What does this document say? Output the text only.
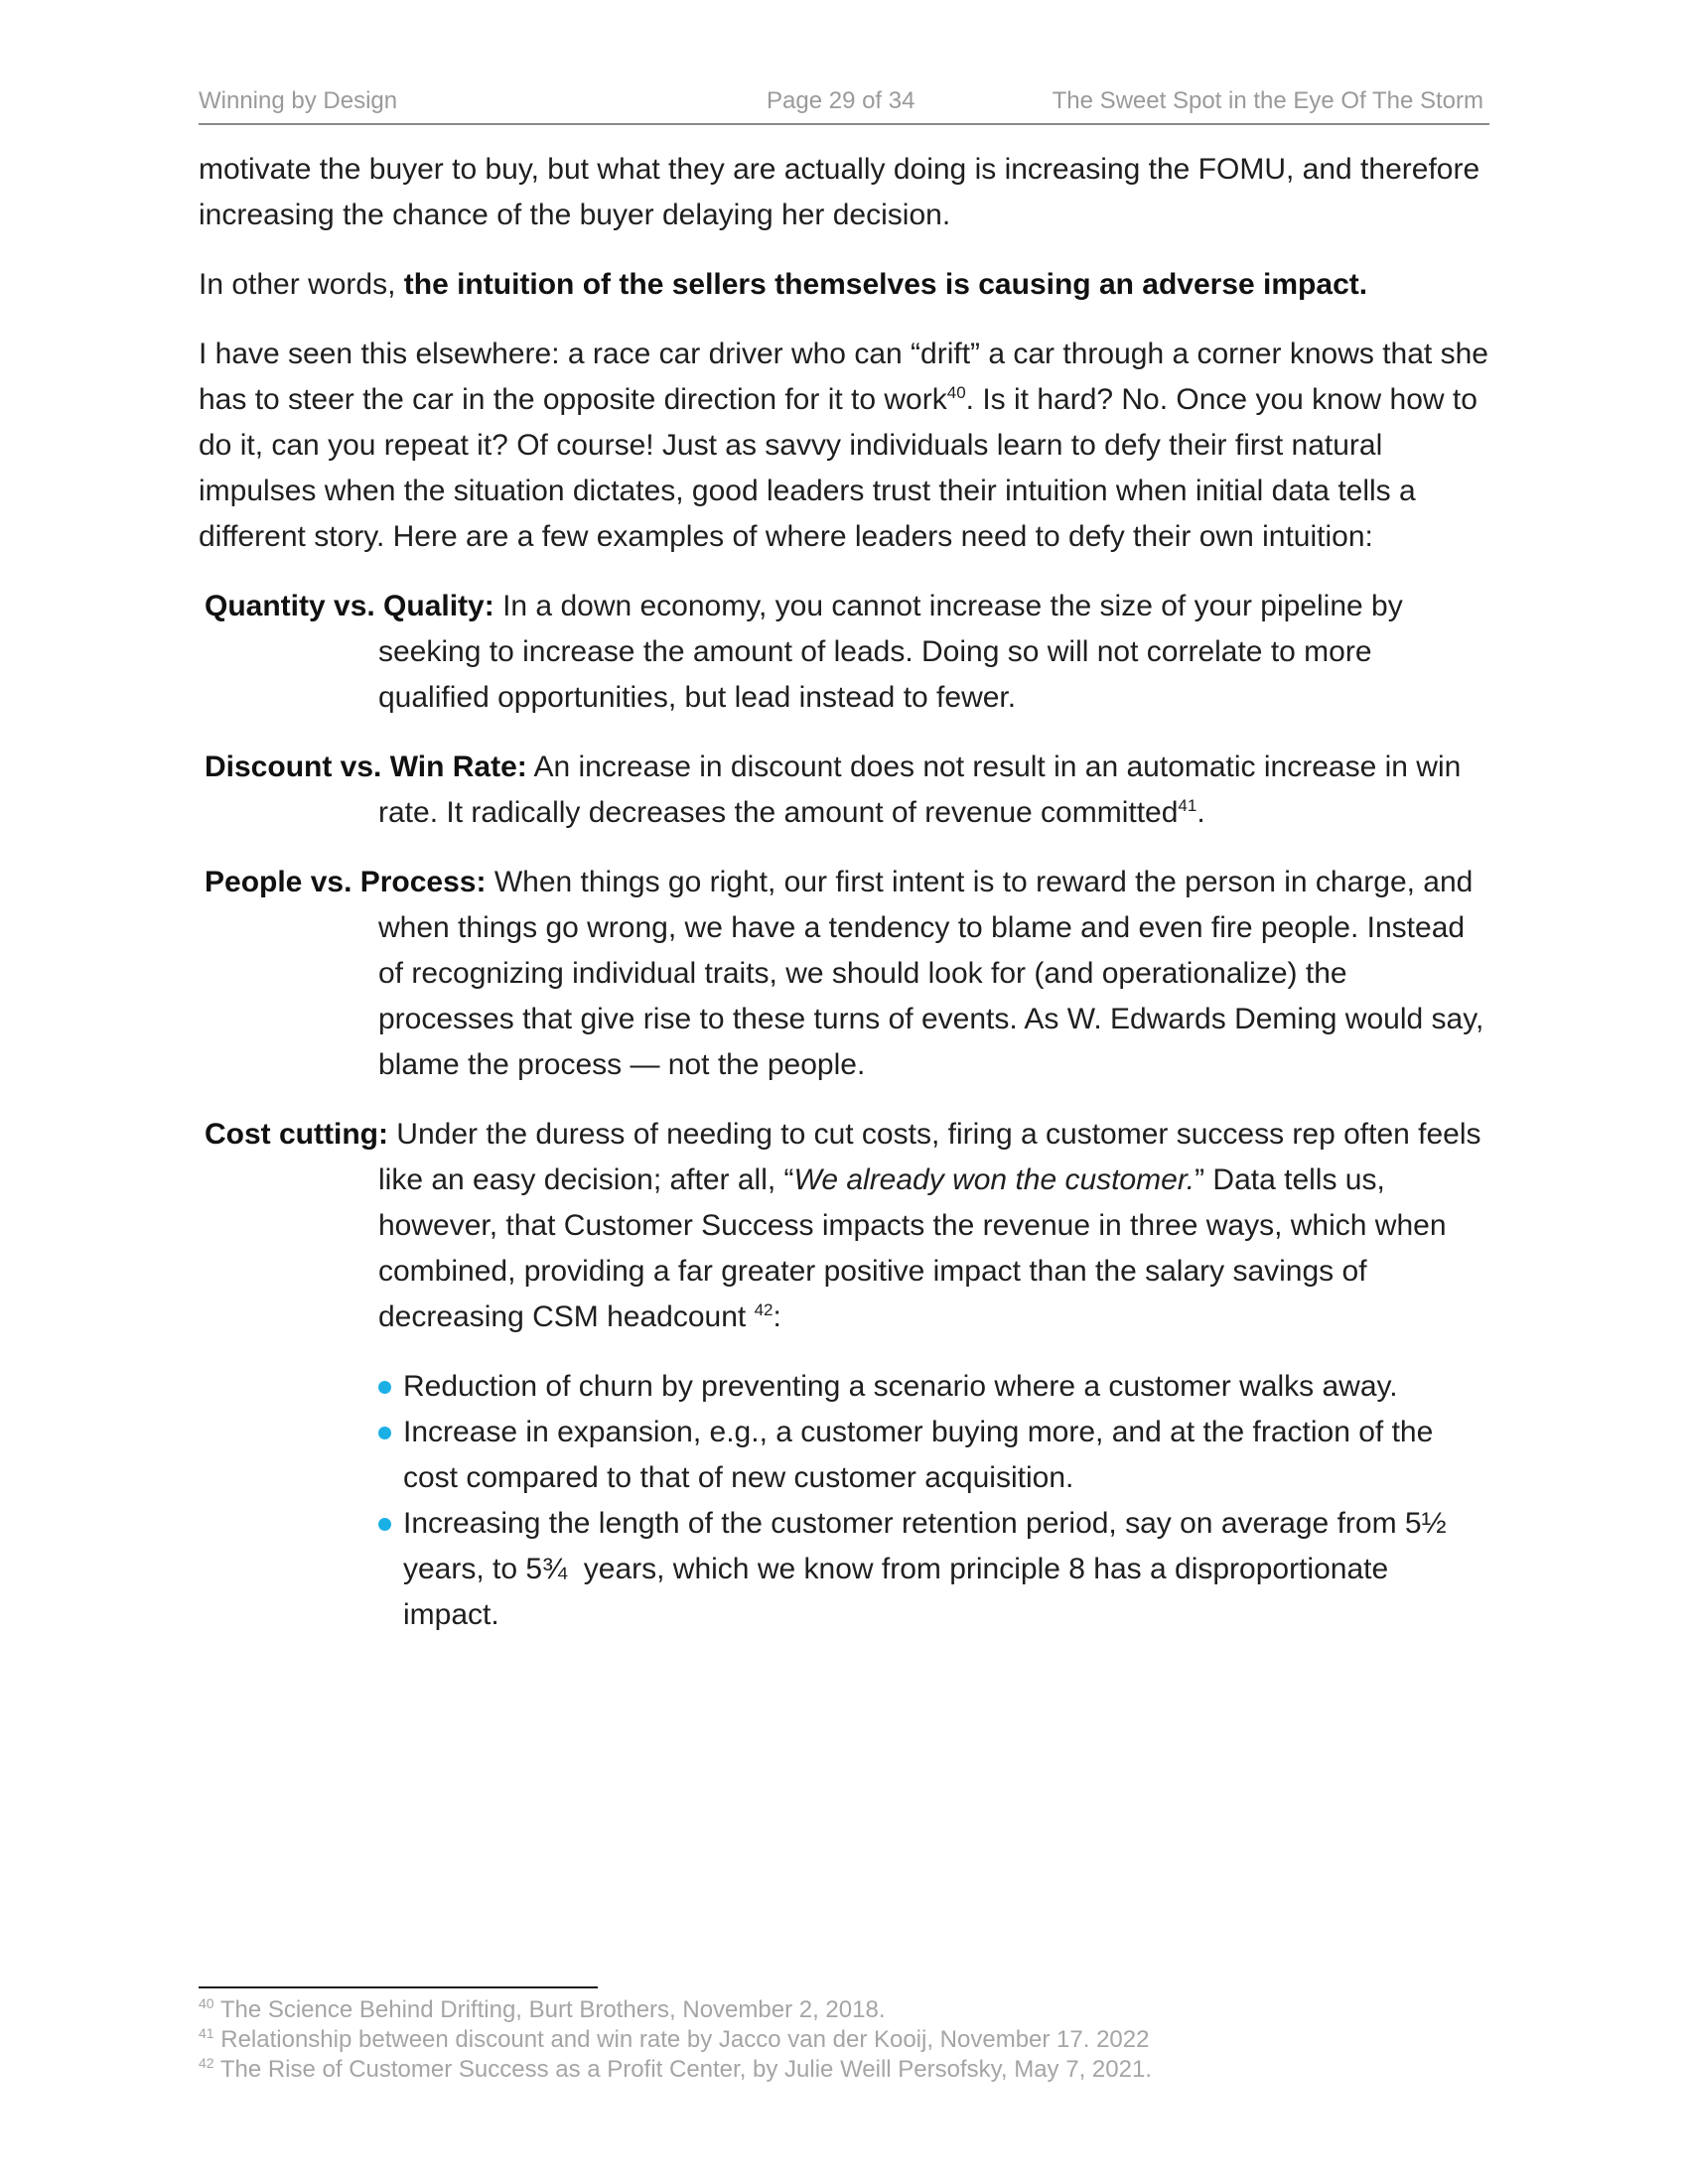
Winning by Design	Page 29 of 34	The Sweet Spot in the Eye Of The Storm

motivate the buyer to buy, but what they are actually doing is increasing the FOMU, and therefore increasing the chance of the buyer delaying her decision.

In other words, the intuition of the sellers themselves is causing an adverse impact.

I have seen this elsewhere: a race car driver who can “drift” a car through a corner knows that she has to steer the car in the opposite direction for it to work$^{40}$. Is it hard? No. Once you know how to do it, can you repeat it? Of course! Just as savvy individuals learn to defy their first natural impulses when the situation dictates, good leaders trust their intuition when initial data tells a different story. Here are a few examples of where leaders need to defy their own intuition:

Quantity vs. Quality: In a down economy, you cannot increase the size of your pipeline by seeking to increase the amount of leads. Doing so will not correlate to more qualified opportunities, but lead instead to fewer.

Discount vs. Win Rate: An increase in discount does not result in an automatic increase in win rate. It radically decreases the amount of revenue committed$^{41}$.

People vs. Process: When things go right, our first intent is to reward the person in charge, and when things go wrong, we have a tendency to blame and even fire people. Instead of recognizing individual traits, we should look for (and operationalize) the processes that give rise to these turns of events. As W. Edwards Deming would say, blame the process — not the people.

Cost cutting: Under the duress of needing to cut costs, firing a customer success rep often feels like an easy decision; after all, “We already won the customer.” Data tells us, however, that Customer Success impacts the revenue in three ways, which when combined, providing a far greater positive impact than the salary savings of decreasing CSM headcount $^{42}$:

Reduction of churn by preventing a scenario where a customer walks away.
Increase in expansion, e.g., a customer buying more, and at the fraction of the cost compared to that of new customer acquisition.
Increasing the length of the customer retention period, say on average from 5½ years, to 5¾  years, which we know from principle 8 has a disproportionate impact.
$^{40}$ The Science Behind Drifting, Burt Brothers, November 2, 2018.
$^{41}$ Relationship between discount and win rate by Jacco van der Kooij, November 17. 2022
$^{42}$ The Rise of Customer Success as a Profit Center, by Julie Weill Persofsky, May 7, 2021.
